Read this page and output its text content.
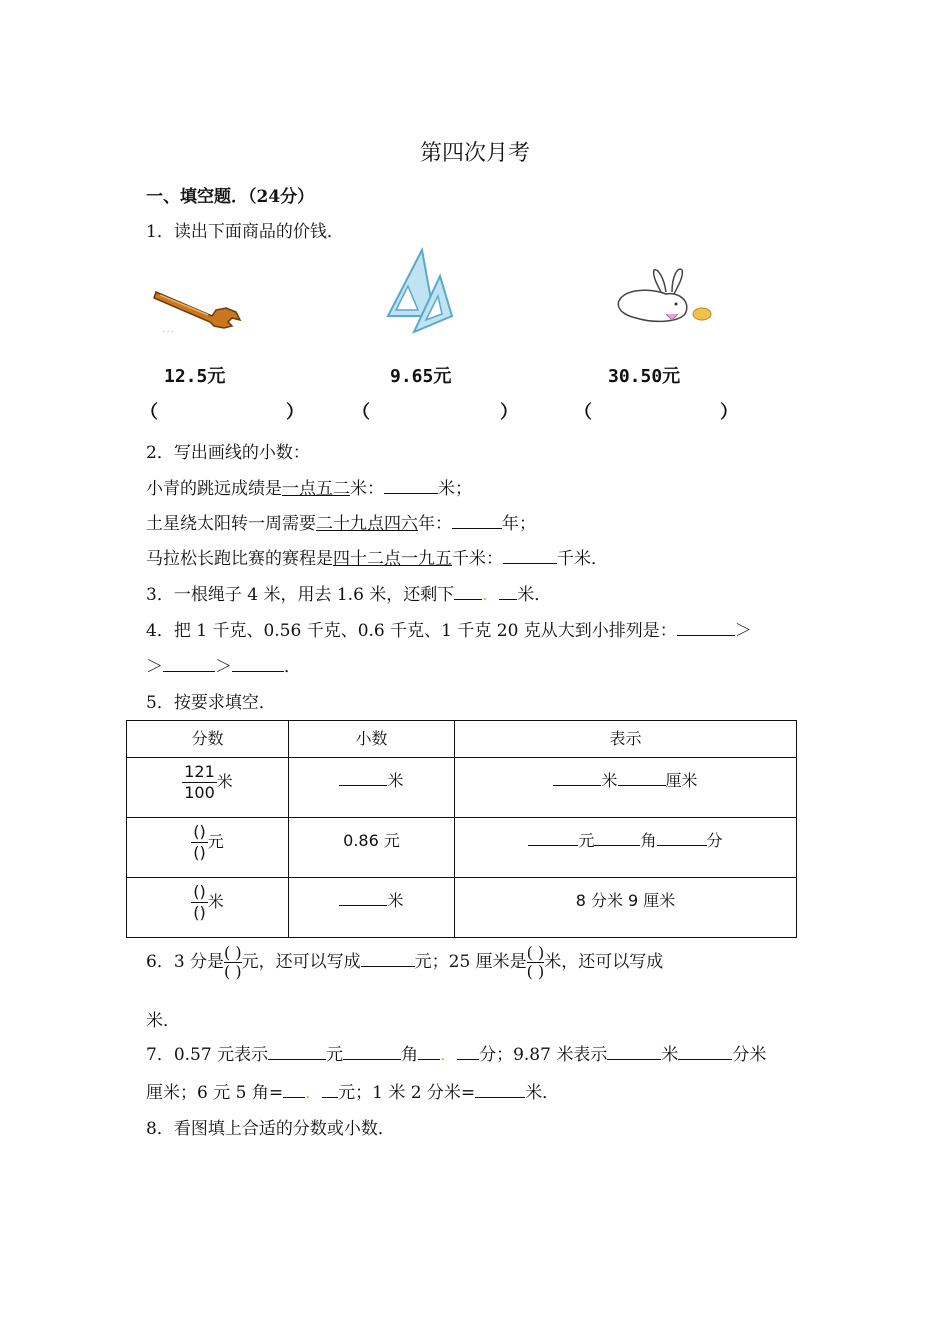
第四次月考
一、填空题．（24分）
1．读出下面商品的价钱．
•••
12.5元	9.65元	30.50元
（	）	（	）	（	）
2．写出画线的小数：
小青的跳远成绩是一点五二米：	米；
土星绕太阳转一周需要二十九点四六年：	年；
马拉松长跑比赛的赛程是四十二点一九五千米：	千米．
3．一根绳子 4 米，用去 1.6 米，还剩下 ． 米．
4．把 1 千克、0.56 千克、0.6 千克、1 千克 20 克从大到小排列是：	＞
＞	＞	．
5．按要求填空．
分数	小数	表示

$\frac{121}{100}$ 米	米	米 厘米

$\frac{()}{()}$ 元	0.86 元	元 角 分

$\frac{()}{()}$ 米	米	8 分米 9 厘米
6．3 分是 $\frac{( )}{( )}$元，还可以写成	元；25 厘米是 $\frac{( )}{( )}$米，还可以写成
米．
7．0.57 元表示	元	角 ． 分；9.87 米表示	米	分米
厘米；6 元 5 角= ． 元；1 米 2 分米=	米．
8．看图填上合适的分数或小数．
